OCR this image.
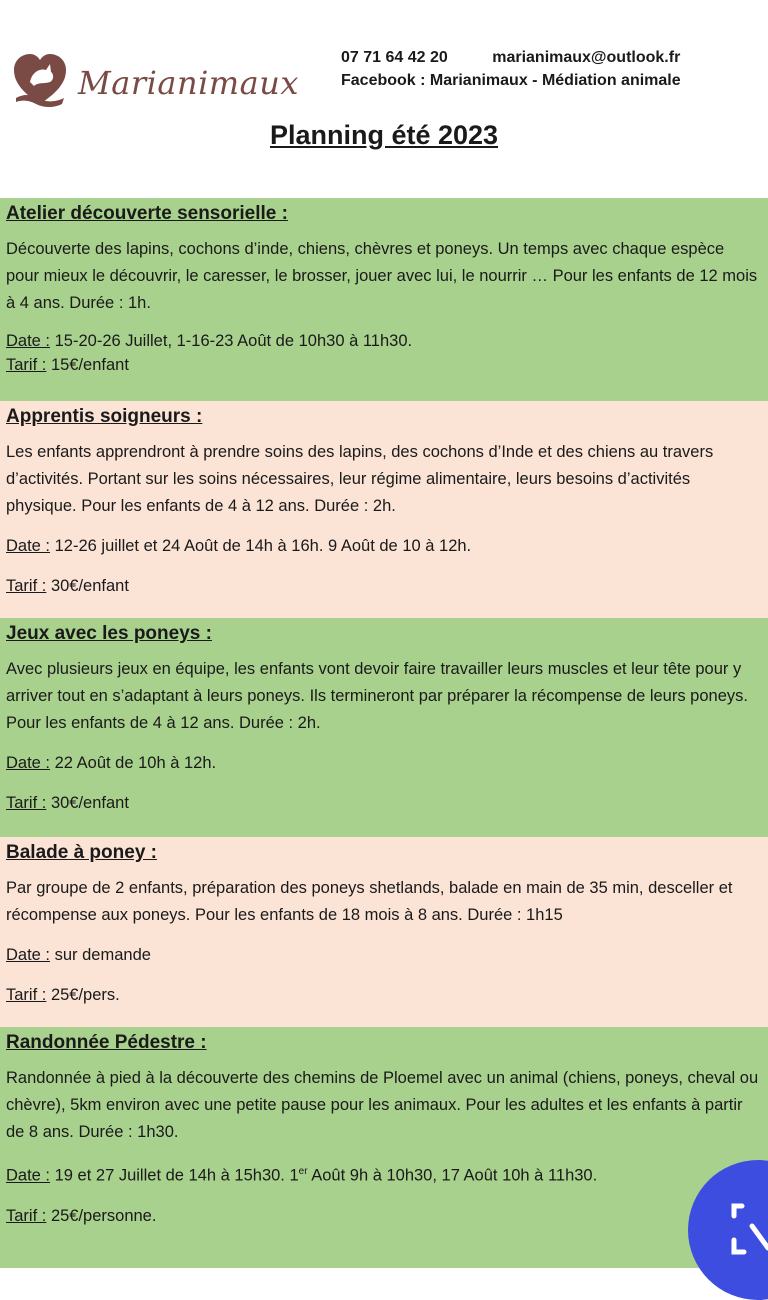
Marianimaux
07 71 64 42 20	marianimaux@outlook.fr
Facebook : Marianimaux - Médiation animale
Planning été 2023
Atelier découverte sensorielle :
Découverte des lapins, cochons d’inde, chiens, chèvres et poneys. Un temps avec chaque espèce pour mieux le découvrir, le caresser, le brosser, jouer avec lui, le nourrir … Pour les enfants de 12 mois à 4 ans. Durée : 1h.
Date : 15-20-26 Juillet, 1-16-23 Août de 10h30 à 11h30.
Tarif : 15€/enfant
Apprentis soigneurs :
Les enfants apprendront à prendre soins des lapins, des cochons d’Inde et des chiens au travers d’activités. Portant sur les soins nécessaires, leur régime alimentaire, leurs besoins d’activités physique. Pour les enfants de 4 à 12 ans. Durée : 2h.
Date : 12-26 juillet et 24 Août de 14h à 16h. 9 Août de 10 à 12h.
Tarif : 30€/enfant
Jeux avec les poneys :
Avec plusieurs jeux en équipe, les enfants vont devoir faire travailler leurs muscles et leur tête pour y arriver tout en s’adaptant à leurs poneys. Ils termineront par préparer la récompense de leurs poneys. Pour les enfants de 4 à 12 ans. Durée : 2h.
Date : 22 Août de 10h à 12h.
Tarif : 30€/enfant
Balade à poney :
Par groupe de 2 enfants, préparation des poneys shetlands, balade en main de 35 min, desceller et récompense aux poneys. Pour les enfants de 18 mois à 8 ans. Durée : 1h15
Date : sur demande
Tarif : 25€/pers.
Randonnée Pédestre :
Randonnée à pied à la découverte des chemins de Ploemel avec un animal (chiens, poneys, cheval ou chèvre), 5km environ avec une petite pause pour les animaux. Pour les adultes et les enfants à partir de 8 ans. Durée : 1h30.
Date : 19 et 27 Juillet de 14h à 15h30. 1er Août 9h à 10h30, 17 Août 10h à 11h30.
Tarif : 25€/personne.
